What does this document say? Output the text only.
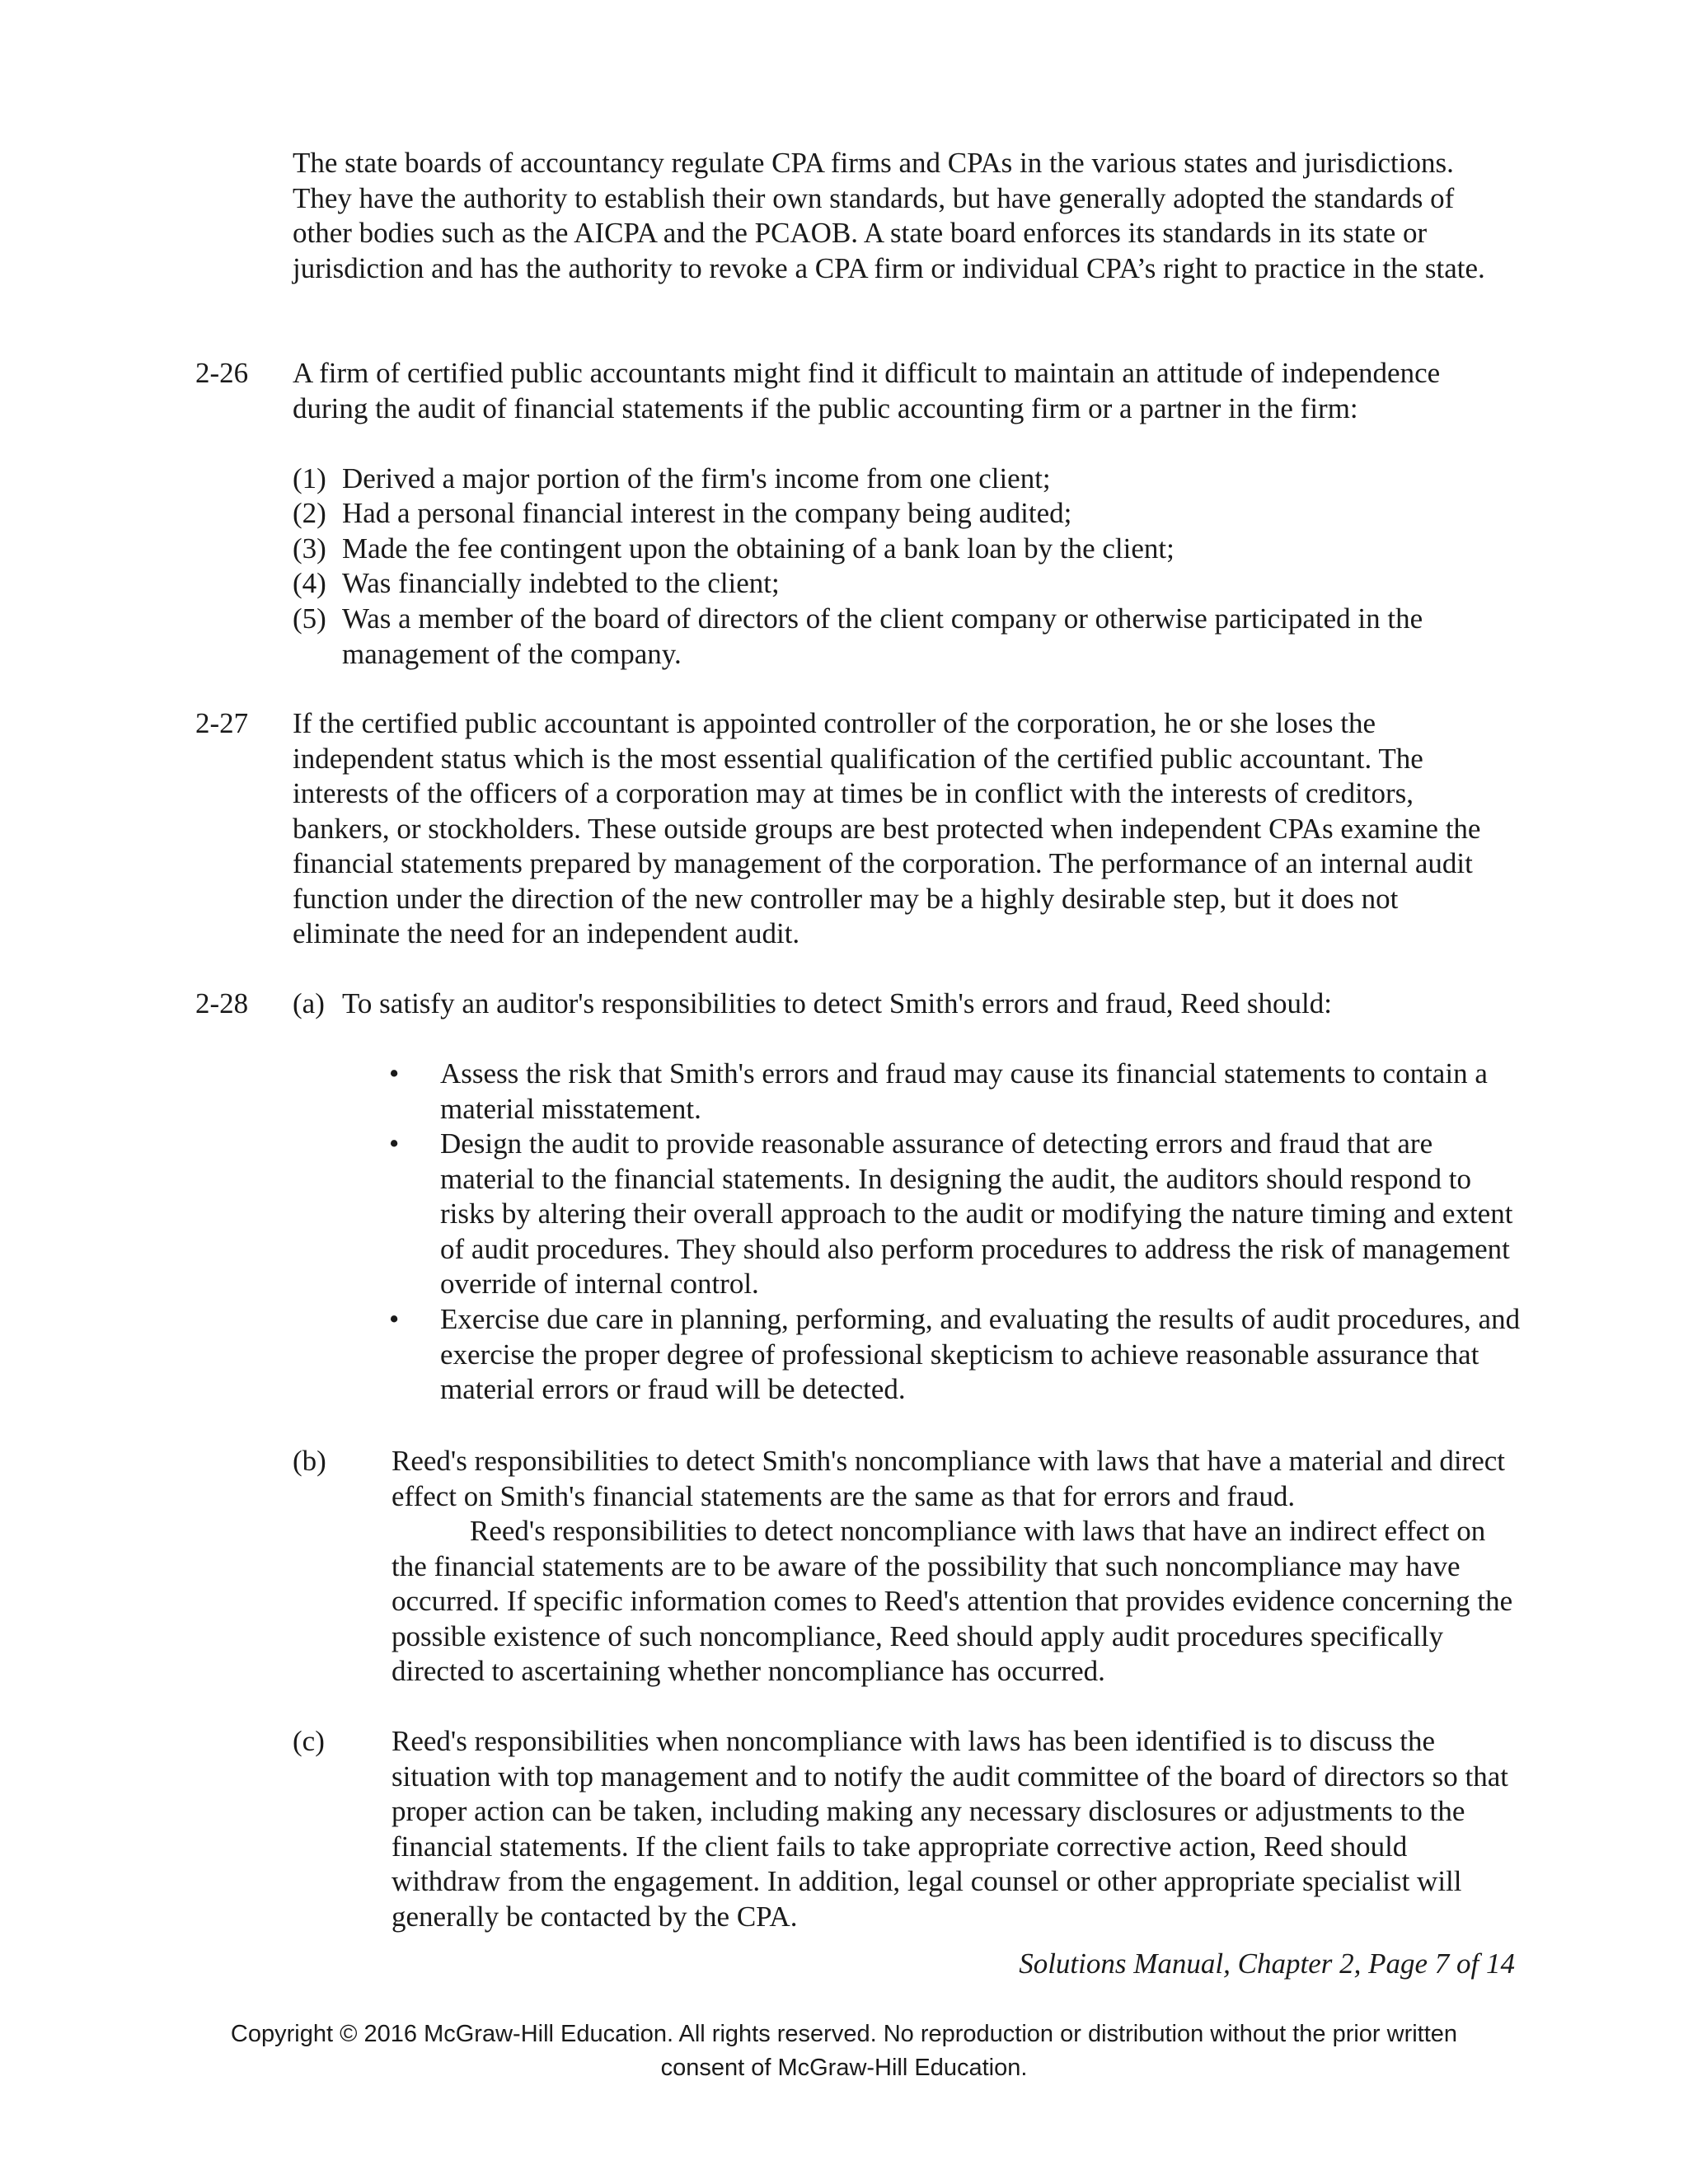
The state boards of accountancy regulate CPA firms and CPAs in the various states and jurisdictions. They have the authority to establish their own standards, but have generally adopted the standards of other bodies such as the AICPA and the PCAOB. A state board enforces its standards in its state or jurisdiction and has the authority to revoke a CPA firm or individual CPA’s right to practice in the state.

2-26 A firm of certified public accountants might find it difficult to maintain an attitude of independence during the audit of financial statements if the public accounting firm or a partner in the firm:

(1) Derived a major portion of the firm's income from one client;
(2) Had a personal financial interest in the company being audited;
(3) Made the fee contingent upon the obtaining of a bank loan by the client;
(4) Was financially indebted to the client;
(5) Was a member of the board of directors of the client company or otherwise participated in the management of the company.
2-27 If the certified public accountant is appointed controller of the corporation, he or she loses the independent status which is the most essential qualification of the certified public accountant. The interests of the officers of a corporation may at times be in conflict with the interests of creditors, bankers, or stockholders. These outside groups are best protected when independent CPAs examine the financial statements prepared by management of the corporation. The performance of an internal audit function under the direction of the new controller may be a highly desirable step, but it does not eliminate the need for an independent audit.

2-28 (a) To satisfy an auditor's responsibilities to detect Smith's errors and fraud, Reed should:

• Assess the risk that Smith's errors and fraud may cause its financial statements to contain a material misstatement.
• Design the audit to provide reasonable assurance of detecting errors and fraud that are material to the financial statements. In designing the audit, the auditors should respond to risks by altering their overall approach to the audit or modifying the nature timing and extent of audit procedures. They should also perform procedures to address the risk of management override of internal control.
• Exercise due care in planning, performing, and evaluating the results of audit procedures, and exercise the proper degree of professional skepticism to achieve reasonable assurance that material errors or fraud will be detected.
(b) Reed's responsibilities to detect Smith's noncompliance with laws that have a material and direct effect on Smith's financial statements are the same as that for errors and fraud.
Reed's responsibilities to detect noncompliance with laws that have an indirect effect on the financial statements are to be aware of the possibility that such noncompliance may have occurred. If specific information comes to Reed's attention that provides evidence concerning the possible existence of such noncompliance, Reed should apply audit procedures specifically directed to ascertaining whether noncompliance has occurred.
(c) Reed's responsibilities when noncompliance with laws has been identified is to discuss the situation with top management and to notify the audit committee of the board of directors so that proper action can be taken, including making any necessary disclosures or adjustments to the financial statements. If the client fails to take appropriate corrective action, Reed should withdraw from the engagement. In addition, legal counsel or other appropriate specialist will generally be contacted by the CPA.

Solutions Manual, Chapter 2, Page 7 of 14
Copyright © 2016 McGraw-Hill Education. All rights reserved. No reproduction or distribution without the prior written
consent of McGraw-Hill Education.
